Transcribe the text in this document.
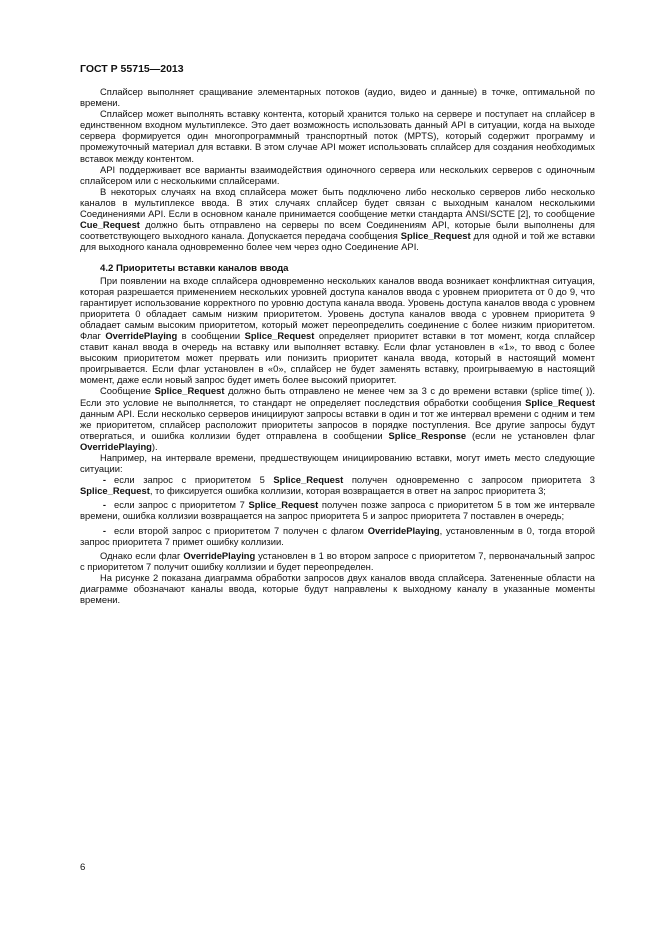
ГОСТ Р 55715—2013

Сплайсер выполняет сращивание элементарных потоков (аудио, видео и данные) в точке, оптимальной по времени.

Сплайсер может выполнять вставку контента, который хранится только на сервере и поступает на сплайсер в единственном входном мультиплексе. Это дает возможность использовать данный API в ситуации, когда на выходе сервера формируется один многопрограммный транспортный поток (MPTS), который содержит программу и промежуточный материал для вставки. В этом случае API может использовать сплайсер для создания необходимых вставок между контентом.

API поддерживает все варианты взаимодействия одиночного сервера или нескольких серверов с одиночным сплайсером или с несколькими сплайсерами.

В некоторых случаях на вход сплайсера может быть подключено либо несколько серверов либо несколько каналов в мультиплексе ввода. В этих случаях сплайсер будет связан с выходным каналом несколькими Соединениями API. Если в основном канале принимается сообщение метки стандарта ANSI/SCTE [2], то сообщение Cue_Request должно быть отправлено на серверы по всем Соединениям API, которые были выполнены для соответствующего выходного канала. Допускается передача сообщения Splice_Request для одной и той же вставки для выходного канала одновременно более чем через одно Соединение API.

4.2 Приоритеты вставки каналов ввода

При появлении на входе сплайсера одновременно нескольких каналов ввода возникает конфликтная ситуация, которая разрешается применением нескольких уровней доступа каналов ввода с уровнем приоритета от 0 до 9, что гарантирует использование корректного по уровню доступа канала ввода. Уровень доступа каналов ввода с уровнем приоритета 0 обладает самым низким приоритетом. Уровень доступа каналов ввода с уровнем приоритета 9 обладает самым высоким приоритетом, который может переопределить соединение с более низким приоритетом. Флаг OverridePlaying в сообщении Splice_Request определяет приоритет вставки в тот момент, когда сплайсер ставит канал ввода в очередь на вставку или выполняет вставку. Если флаг установлен в «1», то ввод с более высоким приоритетом может прервать или понизить приоритет канала ввода, который в настоящий момент проигрывается. Если флаг установлен в «0», сплайсер не будет заменять вставку, проигрываемую в настоящий момент, даже если новый запрос будет иметь более высокий приоритет.

Сообщение Splice_Request должно быть отправлено не менее чем за 3 с до времени вставки (splice time( )). Если это условие не выполняется, то стандарт не определяет последствия обработки сообщения Splice_Request данным API. Если несколько серверов инициируют запросы вставки в один и тот же интервал времени с одним и тем же приоритетом, сплайсер расположит приоритеты запросов в порядке поступления. Все другие запросы будут отвергаться, и ошибка коллизии будет отправлена в сообщении Splice_Response (если не установлен флаг OverridePlaying).

Например, на интервале времени, предшествующем инициированию вставки, могут иметь место следующие ситуации:

- если запрос с приоритетом 5 Splice_Request получен одновременно с запросом приоритета 3 Splice_Request, то фиксируется ошибка коллизии, которая возвращается в ответ на запрос приоритета 3;

- если запрос с приоритетом 7 Splice_Request получен позже запроса с приоритетом 5 в том же интервале времени, ошибка коллизии возвращается на запрос приоритета 5 и запрос приоритета 7 поставлен в очередь;

- если второй запрос с приоритетом 7 получен с флагом OverridePlaying, установленным в 0, тогда второй запрос приоритета 7 примет ошибку коллизии.

Однако если флаг OverridePlaying установлен в 1 во втором запросе с приоритетом 7, первоначальный запрос с приоритетом 7 получит ошибку коллизии и будет переопределен.

На рисунке 2 показана диаграмма обработки запросов двух каналов ввода сплайсера. Затененные области на диаграмме обозначают каналы ввода, которые будут направлены к выходному каналу в указанные моменты времени.

6
